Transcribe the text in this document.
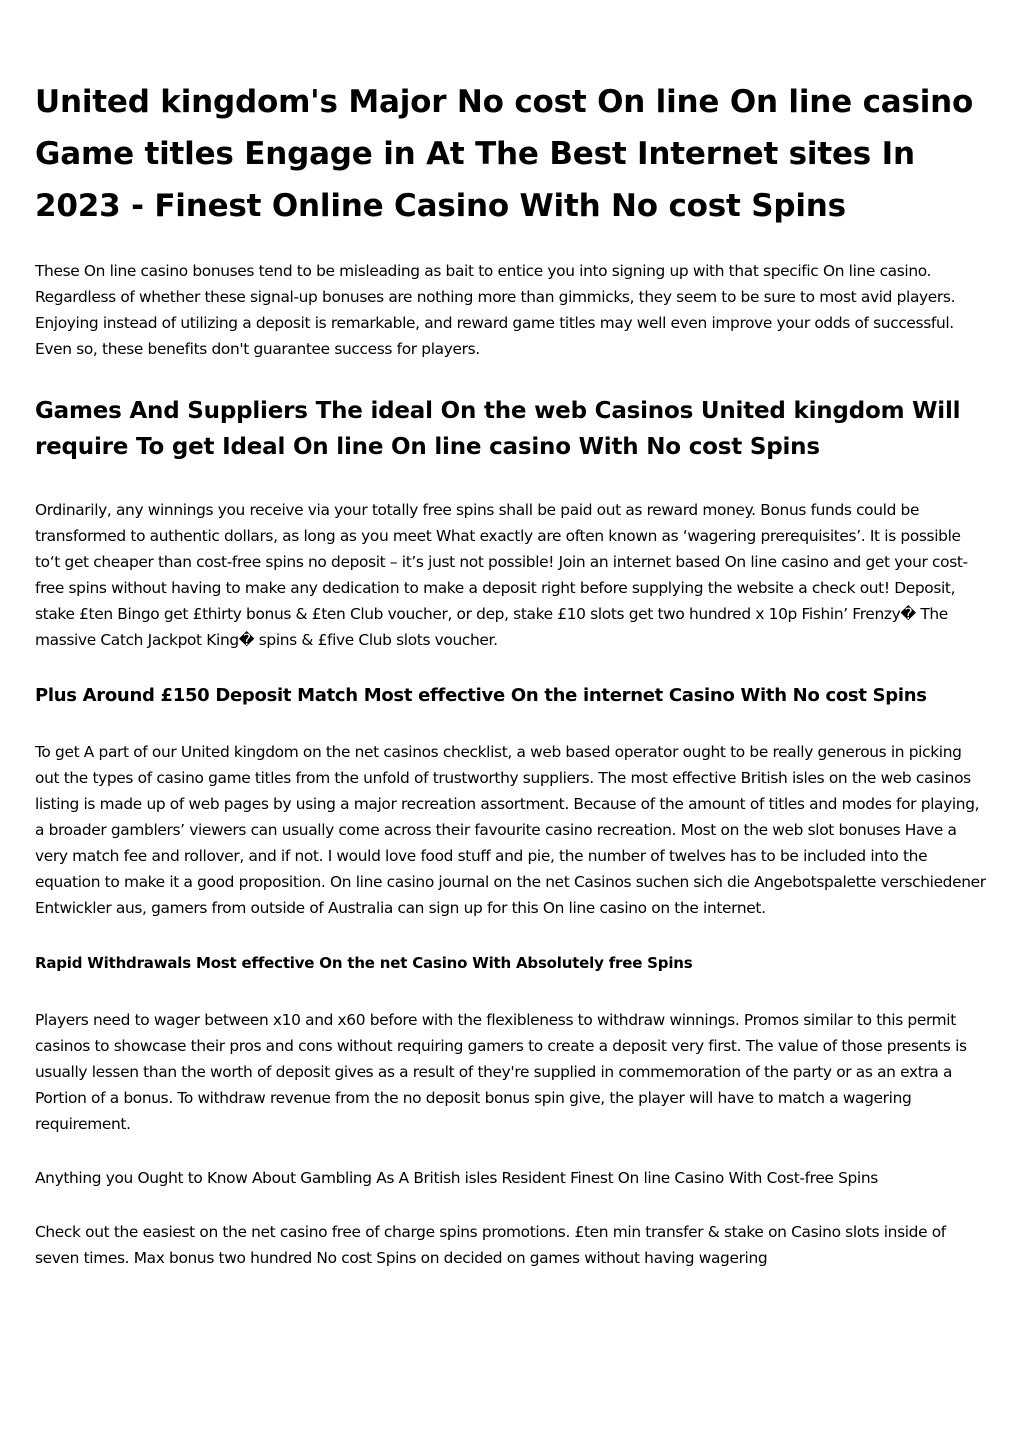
United kingdom's Major No cost On line On line casino Game titles Engage in At The Best Internet sites In 2023 - Finest Online Casino With No cost Spins

These On line casino bonuses tend to be misleading as bait to entice you into signing up with that specific On line casino. Regardless of whether these signal-up bonuses are nothing more than gimmicks, they seem to be sure to most avid players. Enjoying instead of utilizing a deposit is remarkable, and reward game titles may well even improve your odds of successful. Even so, these benefits don't guarantee success for players.

Games And Suppliers The ideal On the web Casinos United kingdom Will require To get Ideal On line On line casino With No cost Spins

Ordinarily, any winnings you receive via your totally free spins shall be paid out as reward money. Bonus funds could be transformed to authentic dollars, as long as you meet What exactly are often known as ‘wagering prerequisites’. It is possible to‘t get cheaper than cost-free spins no deposit – it’s just not possible! Join an internet based On line casino and get your cost-free spins without having to make any dedication to make a deposit right before supplying the website a check out! Deposit, stake £ten Bingo get £thirty bonus & £ten Club voucher, or dep, stake £10 slots get two hundred x 10p Fishin’ Frenzy� The massive Catch Jackpot King� spins & £five Club slots voucher.

Plus Around £150 Deposit Match Most effective On the internet Casino With No cost Spins

To get A part of our United kingdom on the net casinos checklist, a web based operator ought to be really generous in picking out the types of casino game titles from the unfold of trustworthy suppliers. The most effective British isles on the web casinos listing is made up of web pages by using a major recreation assortment. Because of the amount of titles and modes for playing, a broader gamblers’ viewers can usually come across their favourite casino recreation. Most on the web slot bonuses Have a very match fee and rollover, and if not. I would love food stuff and pie, the number of twelves has to be included into the equation to make it a good proposition. On line casino journal on the net Casinos suchen sich die Angebotspalette verschiedener Entwickler aus, gamers from outside of Australia can sign up for this On line casino on the internet.

Rapid Withdrawals Most effective On the net Casino With Absolutely free Spins

Players need to wager between x10 and x60 before with the flexibleness to withdraw winnings. Promos similar to this permit casinos to showcase their pros and cons without requiring gamers to create a deposit very first. The value of those presents is usually lessen than the worth of deposit gives as a result of they're supplied in commemoration of the party or as an extra a Portion of a bonus. To withdraw revenue from the no deposit bonus spin give, the player will have to match a wagering requirement.

Anything you Ought to Know About Gambling As A British isles Resident Finest On line Casino With Cost-free Spins

Check out the easiest on the net casino free of charge spins promotions. £ten min transfer & stake on Casino slots inside of seven times. Max bonus two hundred No cost Spins on decided on games without having wagering
